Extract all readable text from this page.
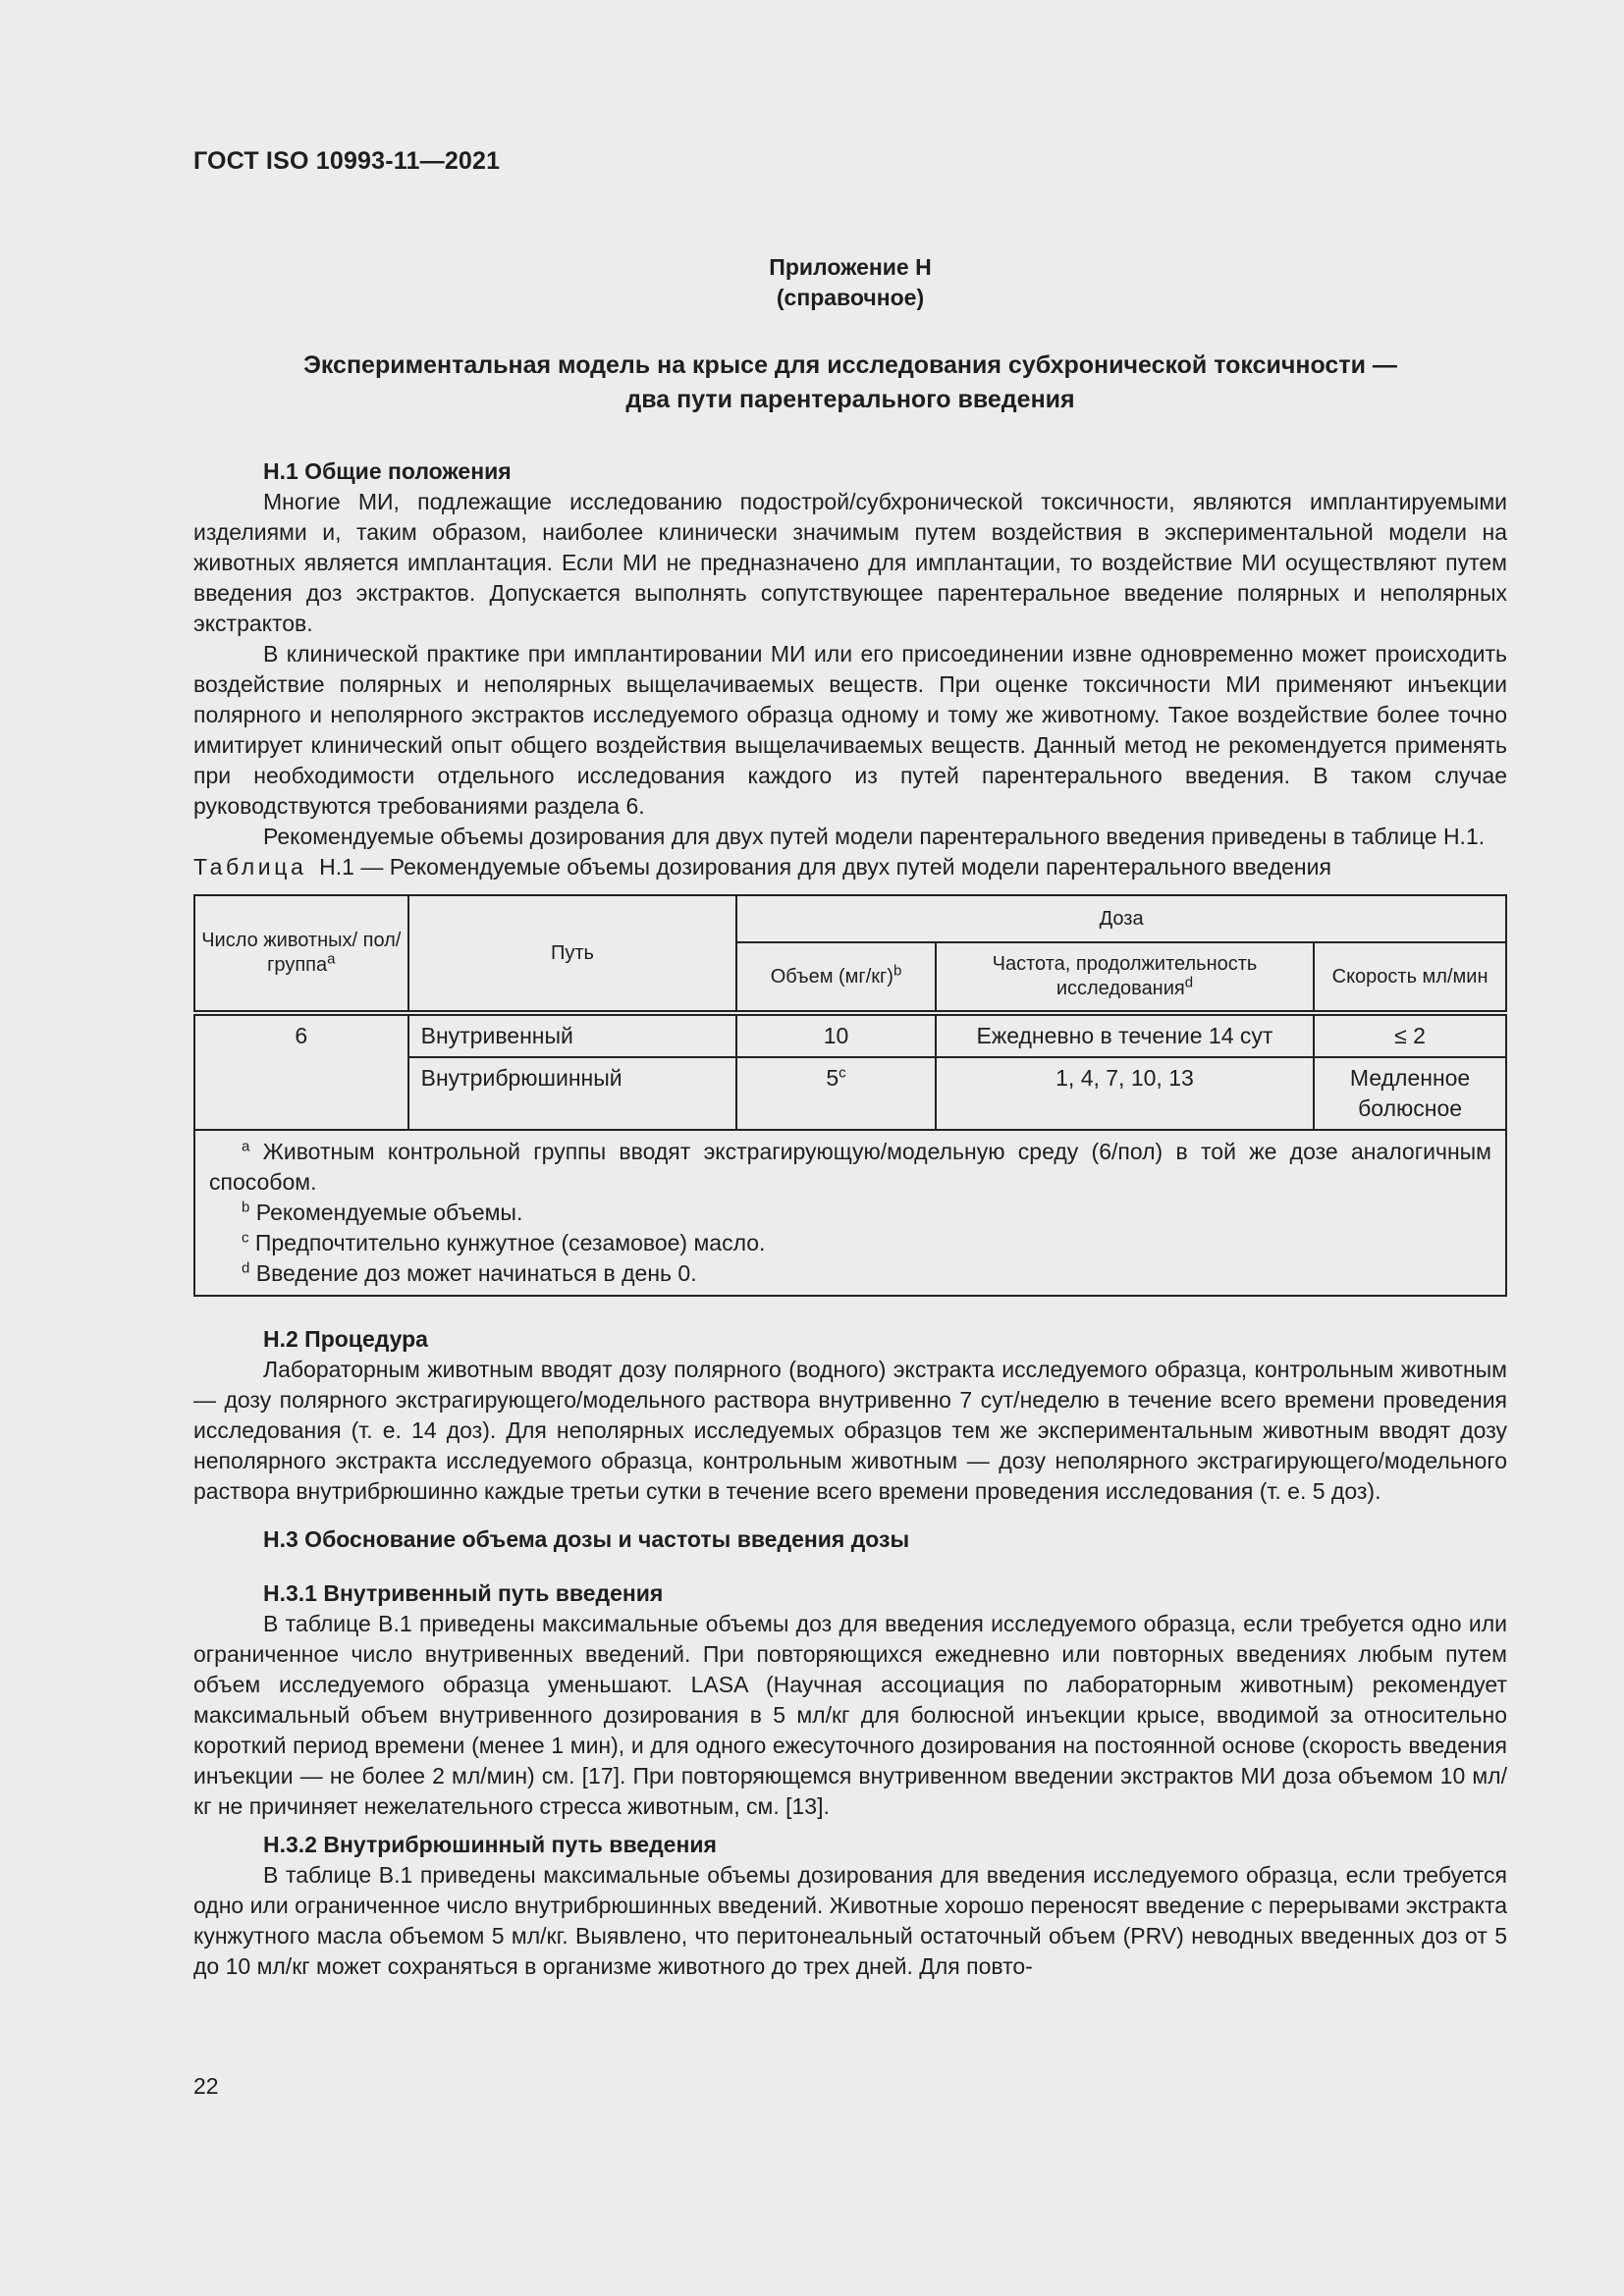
ГОСТ ISO 10993-11—2021

Приложение Н
(справочное)
Экспериментальная модель на крысе для исследования субхронической токсичности —
два пути парентерального введения

Н.1 Общие положения

Многие МИ, подлежащие исследованию подострой/субхронической токсичности, являются имплантируемыми изделиями и, таким образом, наиболее клинически значимым путем воздействия в экспериментальной модели на животных является имплантация. Если МИ не предназначено для имплантации, то воздействие МИ осуществляют путем введения доз экстрактов. Допускается выполнять сопутствующее парентеральное введение полярных и неполярных экстрактов.

В клинической практике при имплантировании МИ или его присоединении извне одновременно может происходить воздействие полярных и неполярных выщелачиваемых веществ. При оценке токсичности МИ применяют инъекции полярного и неполярного экстрактов исследуемого образца одному и тому же животному. Такое воздействие более точно имитирует клинический опыт общего воздействия выщелачиваемых веществ. Данный метод не рекомендуется применять при необходимости отдельного исследования каждого из путей парентерального введения. В таком случае руководствуются требованиями раздела 6.

Рекомендуемые объемы дозирования для двух путей модели парентерального введения приведены в таблице Н.1.

Таблица Н.1 — Рекомендуемые объемы дозирования для двух путей модели парентерального введения

Число животных/ пол/группа$^a$	Путь	Доза		
		Объем $(мг/кг)^b$	Частота, продолжительность исследования$^d$	Скорость мл/мин
6	Внутривенный	10	Ежедневно в течение 14 сут	≤ 2
	Внутрибрюшинный	5$^c$	1, 4, 7, 10, 13	Медленное болюсное

$^a$ Животным контрольной группы вводят экстрагирующую/модельную среду (6/пол) в той же дозе аналогичным способом.

$^b$ Рекомендуемые объемы.

$^c$ Предпочтительно кунжутное (сезамовое) масло.

$^d$ Введение доз может начинаться в день 0.				

Н.2 Процедура

Лабораторным животным вводят дозу полярного (водного) экстракта исследуемого образца, контрольным животным — дозу полярного экстрагирующего/модельного раствора внутривенно 7 сут/неделю в течение всего времени проведения исследования (т. е. 14 доз). Для неполярных исследуемых образцов тем же экспериментальным животным вводят дозу неполярного экстракта исследуемого образца, контрольным животным — дозу неполярного экстрагирующего/модельного раствора внутрибрюшинно каждые третьи сутки в течение всего времени проведения исследования (т. е. 5 доз).

Н.3 Обоснование объема дозы и частоты введения дозы

Н.3.1 Внутривенный путь введения

В таблице В.1 приведены максимальные объемы доз для введения исследуемого образца, если требуется одно или ограниченное число внутривенных введений. При повторяющихся ежедневно или повторных введениях любым путем объем исследуемого образца уменьшают. LASA (Научная ассоциация по лабораторным животным) рекомендует максимальный объем внутривенного дозирования в 5 мл/кг для болюсной инъекции крысе, вводимой за относительно короткий период времени (менее 1 мин), и для одного ежесуточного дозирования на постоянной основе (скорость введения инъекции — не более 2 мл/мин) см. [17]. При повторяющемся внутривенном введении экстрактов МИ доза объемом 10 мл/кг не причиняет нежелательного стресса животным, см. [13].

Н.3.2 Внутрибрюшинный путь введения

В таблице В.1 приведены максимальные объемы дозирования для введения исследуемого образца, если требуется одно или ограниченное число внутрибрюшинных введений. Животные хорошо переносят введение с перерывами экстракта кунжутного масла объемом 5 мл/кг. Выявлено, что перитонеальный остаточный объем (PRV) неводных введенных доз от 5 до 10 мл/кг может сохраняться в организме животного до трех дней. Для повто-

22
